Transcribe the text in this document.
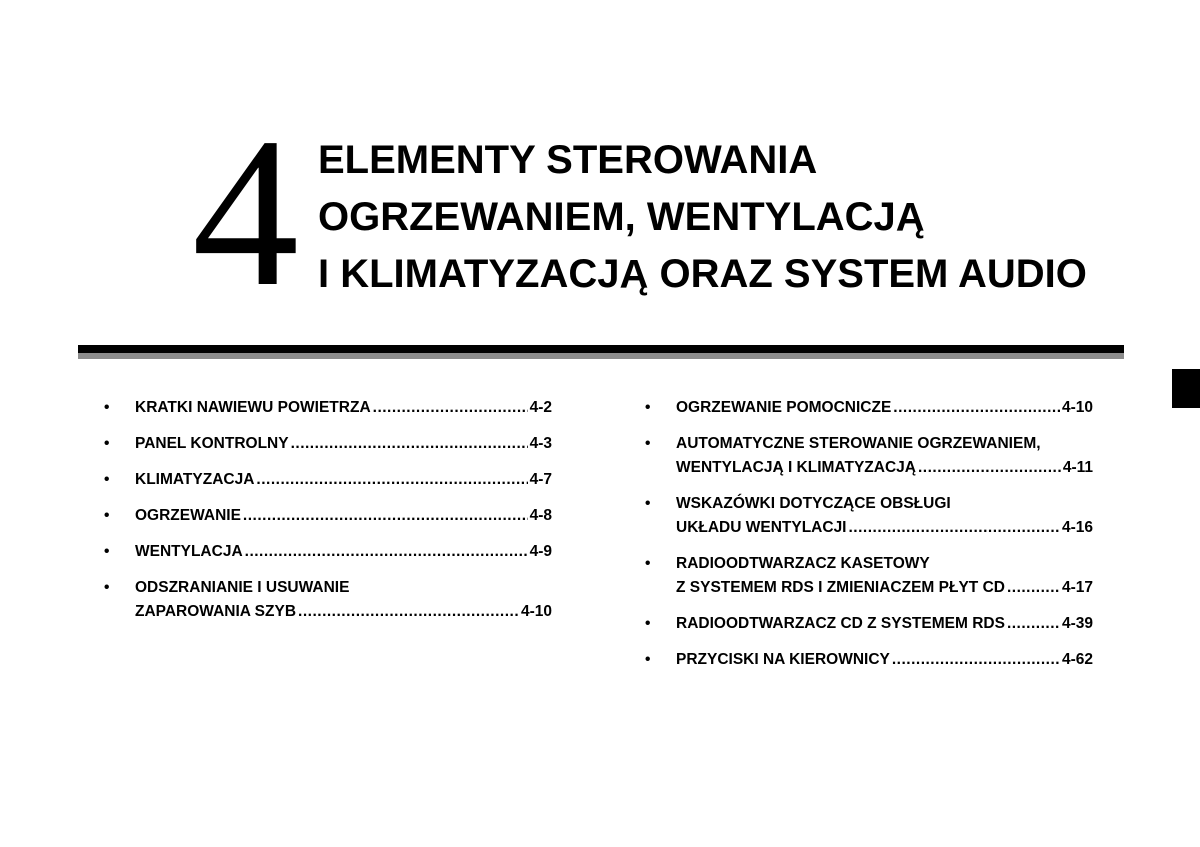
4 ELEMENTY STEROWANIA
OGRZEWANIEM, WENTYLACJĄ
I KLIMATYZACJĄ ORAZ SYSTEM AUDIO
• KRATKI NAWIEWU POWIETRZA .....	4-2
• PANEL KONTROLNY .....	4-3
• KLIMATYZACJA .....	4-7
• OGRZEWANIE .....	4-8
• WENTYLACJA .....	4-9
• ODSZRANIANIE I USUWANIE
ZAPAROWANIA SZYB .....	4-10
• OGRZEWANIE POMOCNICZE .....	4-10
• AUTOMATYCZNE STEROWANIE OGRZEWANIEM,
WENTYLACJĄ I KLIMATYZACJĄ .....	4-11
• WSKAZÓWKI DOTYCZĄCE OBSŁUGI
UKŁADU WENTYLACJI .....	4-16
• RADIOODTWARZACZ KASETOWY
Z SYSTEMEM RDS I ZMIENIACZEM PŁYT CD .....	4-17
• RADIOODTWARZACZ CD Z SYSTEMEM RDS .....	4-39
• PRZYCISKI NA KIEROWNICY .....	4-62
